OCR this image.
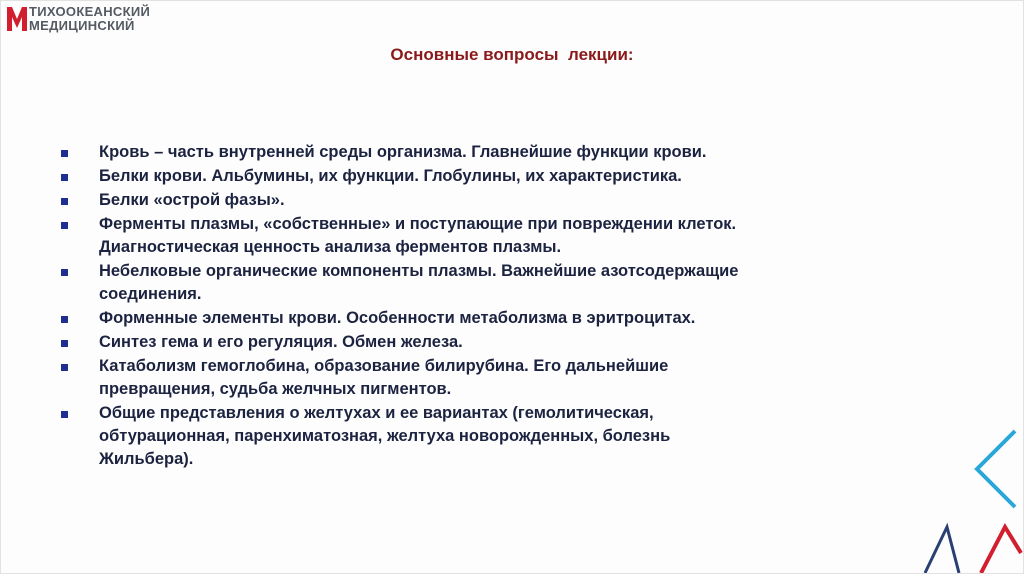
ТИХООКЕАНСКИЙ
МЕДИЦИНСКИЙ
Основные вопросы  лекции:
Кровь – часть внутренней среды организма. Главнейшие функции крови.
Белки крови. Альбумины, их функции. Глобулины, их характеристика.
Белки «острой фазы».
Ферменты плазмы, «собственные» и поступающие при повреждении клеток.
Диагностическая ценность анализа ферментов плазмы.
Небелковые органические компоненты плазмы. Важнейшие азотсодержащие
соединения.
Форменные элементы крови. Особенности метаболизма в эритроцитах.
Синтез гема и его регуляция. Обмен железа.
Катаболизм гемоглобина, образование билирубина. Его дальнейшие
превращения, судьба желчных пигментов.
Общие представления о желтухах и ее вариантах (гемолитическая,
обтурационная, паренхиматозная, желтуха новорожденных, болезнь
Жильбера).
